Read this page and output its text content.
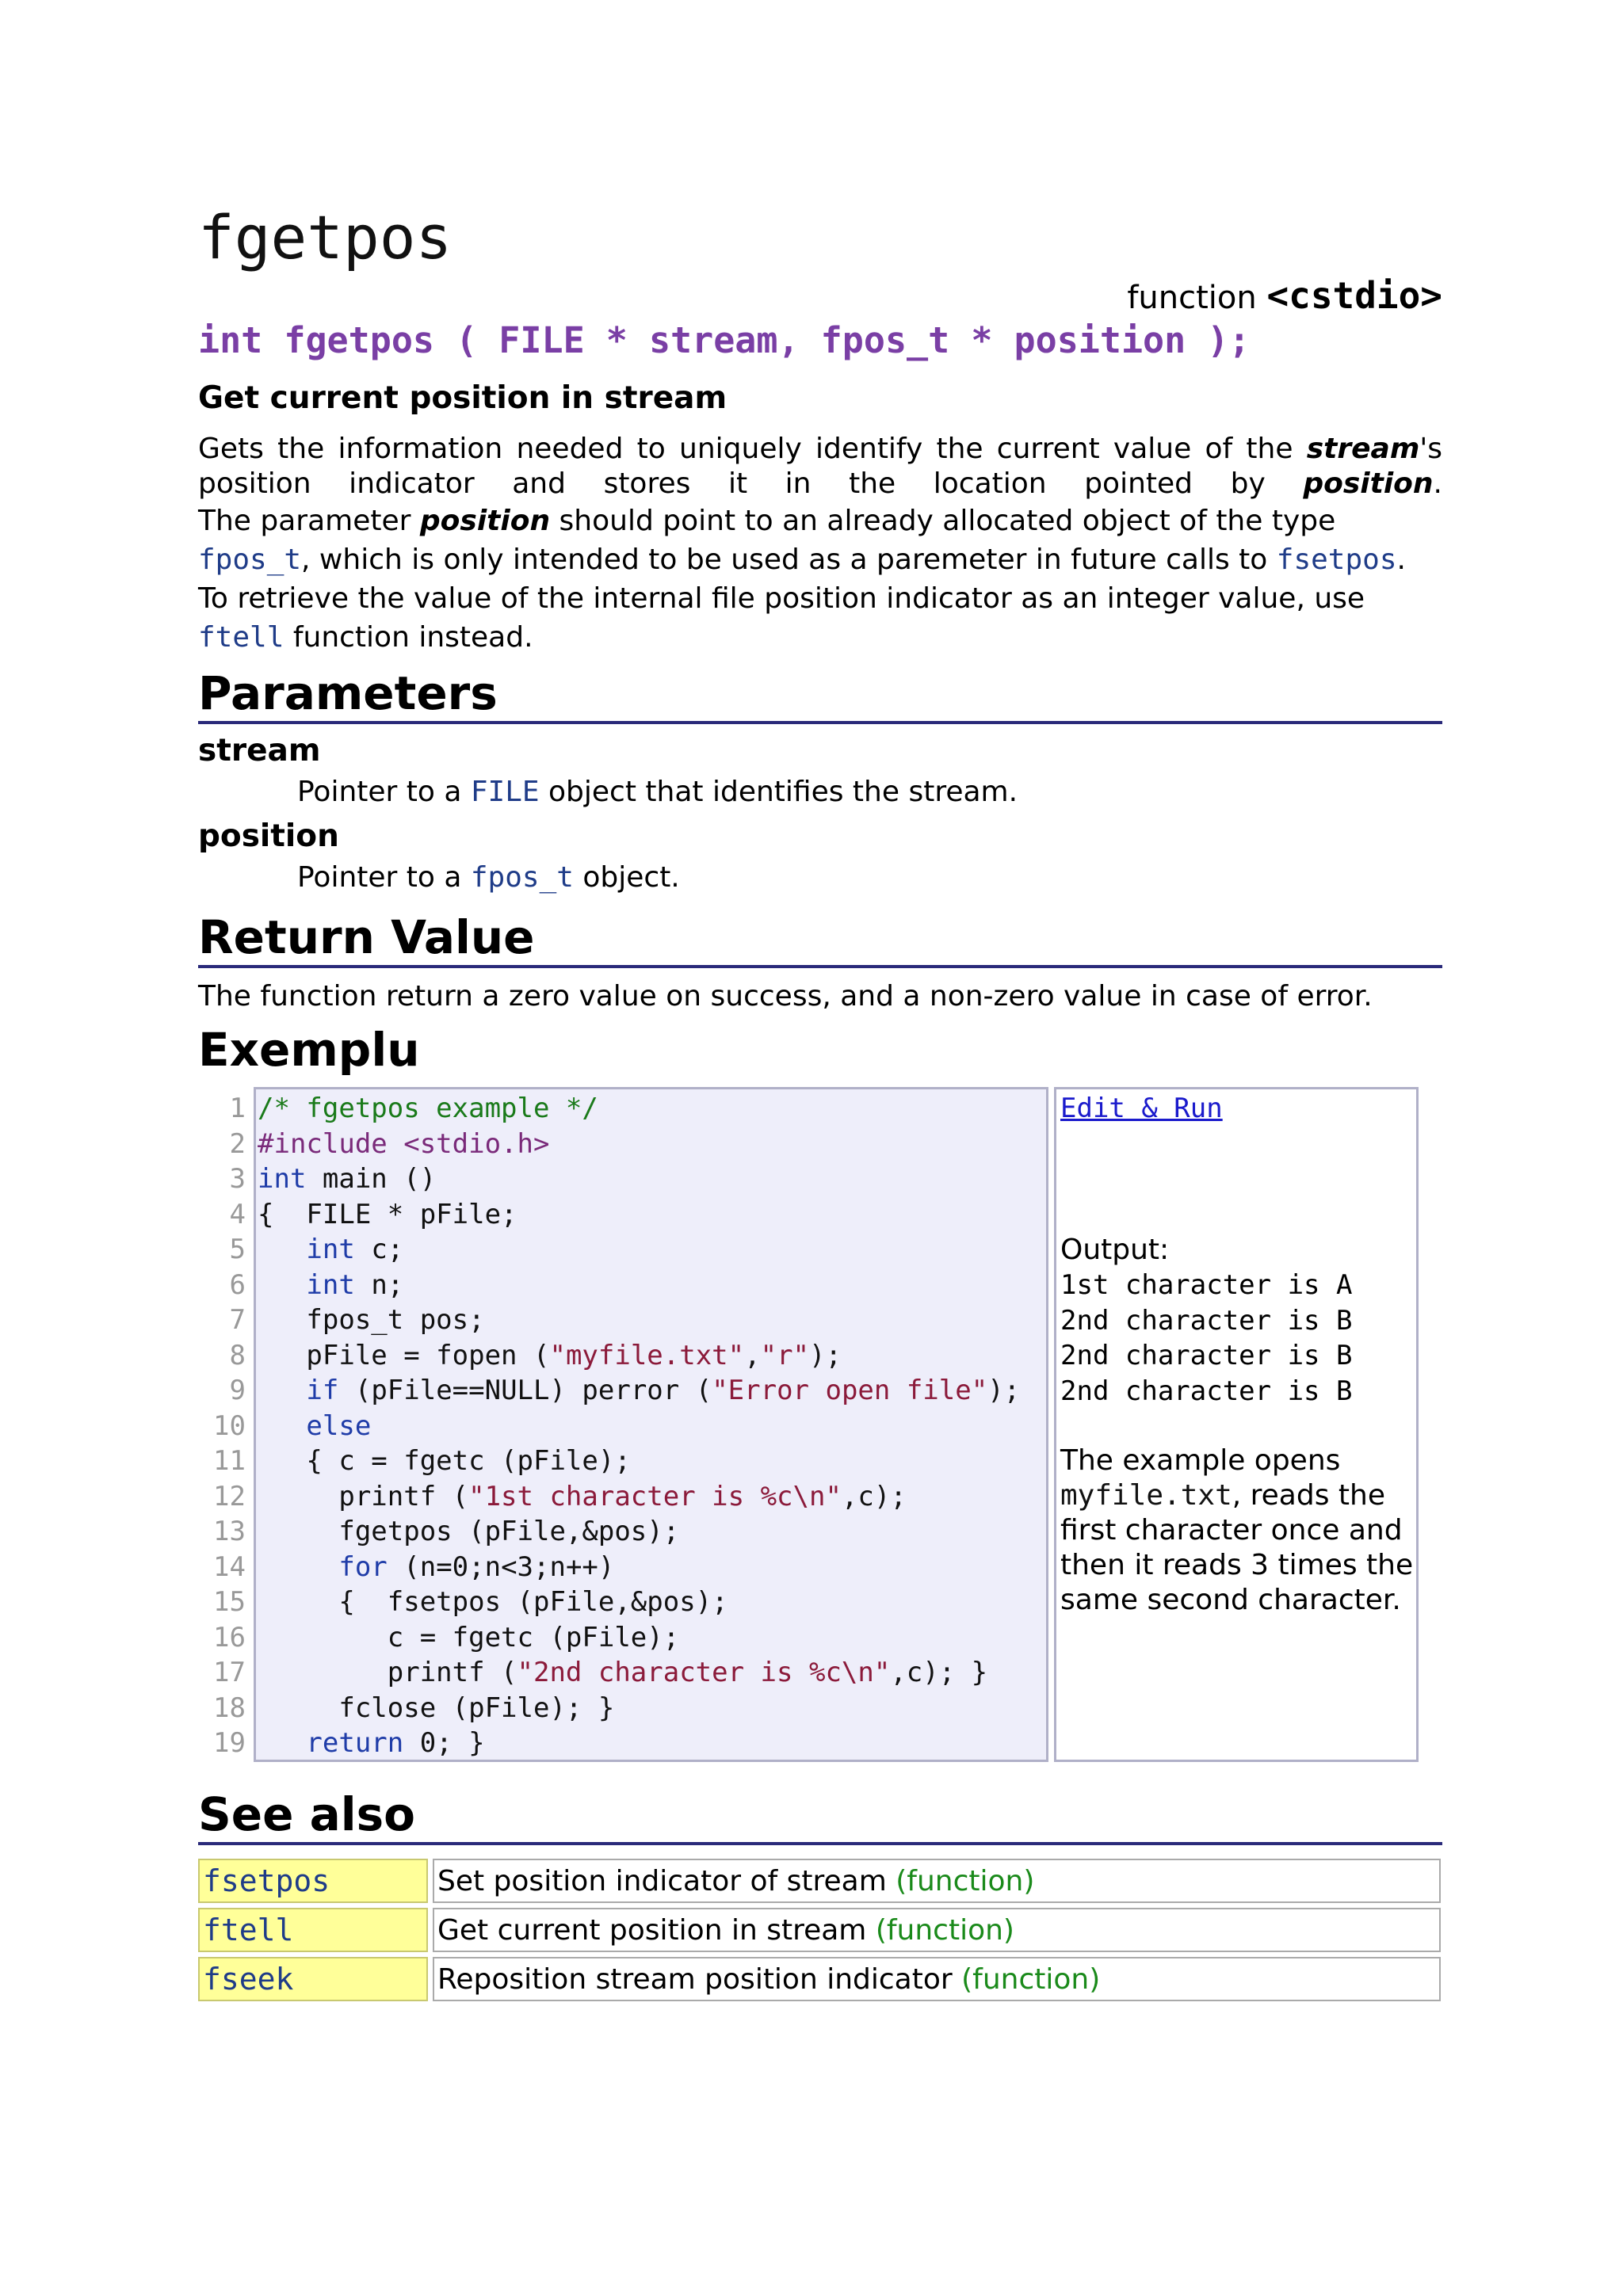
fgetpos
function <cstdio>
int fgetpos ( FILE * stream, fpos_t * position );
Get current position in stream

Gets the information needed to uniquely identify the current value of the stream's position indicator and stores it in the location pointed by position.

The parameter position should point to an already allocated object of the type fpos_t, which is only intended to be used as a paremeter in future calls to fsetpos.

To retrieve the value of the internal file position indicator as an integer value, use ftell function instead.

Parameters

stream

Pointer to a FILE object that identifies the stream.

position

Pointer to a fpos_t object.

Return Value
The function return a zero value on success, and a non-zero value in case of error.
Exemplu
1
2
3
4
5
6
7
8
9
10
11
12
13
14
15
16
17
18
19
/* fgetpos example */
#include <stdio.h>
int main ()
{  FILE * pFile;
int c;
int n;
fpos_t pos;
pFile = fopen ("myfile.txt","r");
if (pFile==NULL) perror ("Error open file");
else
{ c = fgetc (pFile);
printf ("1st character is %c\n",c);
fgetpos (pFile,&pos);
for (n=0;n<3;n++)
{  fsetpos (pFile,&pos);
c = fgetc (pFile);
printf ("2nd character is %c\n",c); }
fclose (pFile); }
return 0; }
Edit & Run
Output:
1st character is A
2nd character is B
2nd character is B
2nd character is B
The example opens myfile.txt, reads the first character once and then it reads 3 times the same second character.
See also
fsetpos	Set position indicator of stream (function)
ftell	Get current position in stream (function)
fseek	Reposition stream position indicator (function)
